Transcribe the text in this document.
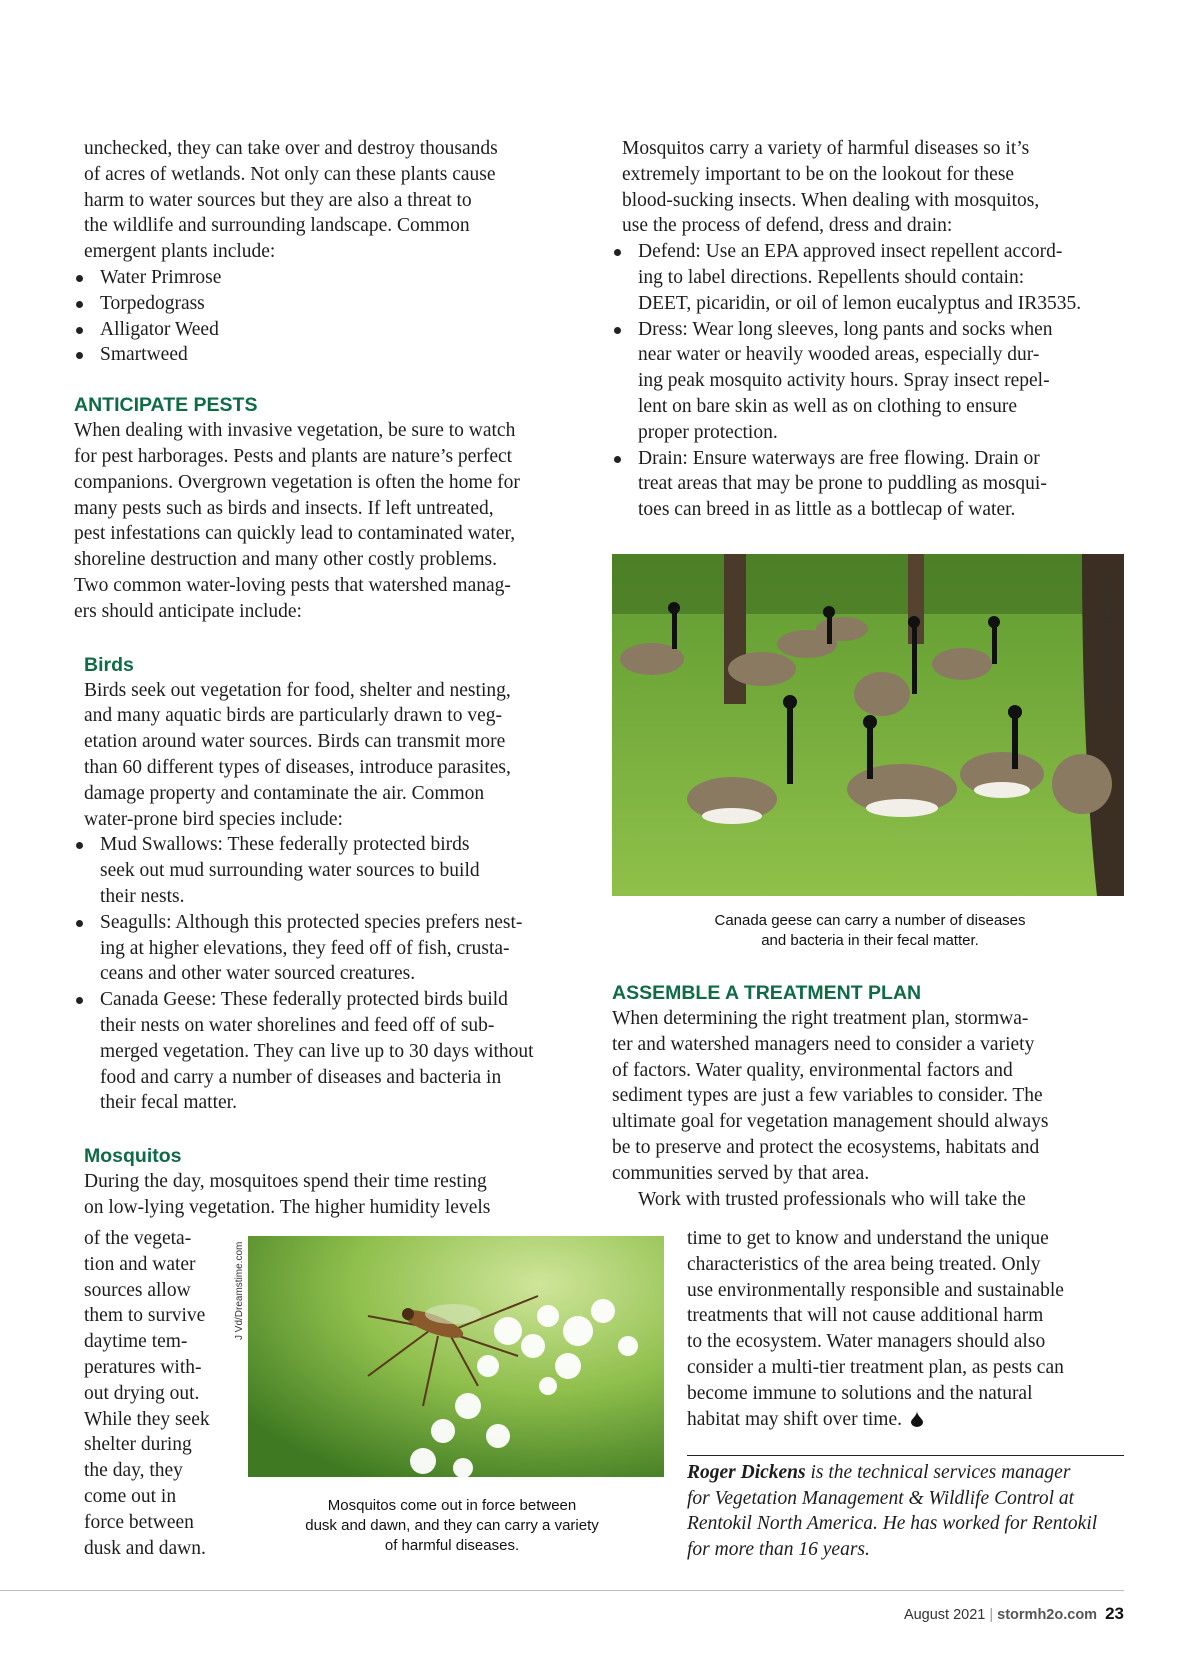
unchecked, they can take over and destroy thousands

of acres of wetlands. Not only can these plants cause

harm to water sources but they are also a threat to

the wildlife and surrounding landscape. Common

emergent plants include:

Water Primrose
Torpedograss
Alligator Weed
Smartweed
ANTICIPATE PESTS

When dealing with invasive vegetation, be sure to watch

for pest harborages. Pests and plants are nature’s perfect

companions. Overgrown vegetation is often the home for

many pests such as birds and insects. If left untreated,

pest infestations can quickly lead to contaminated water,

shoreline destruction and many other costly problems.

Two common water-loving pests that watershed manag-

ers should anticipate include:

Birds

Birds seek out vegetation for food, shelter and nesting,

and many aquatic birds are particularly drawn to veg-

etation around water sources. Birds can transmit more

than 60 different types of diseases, introduce parasites,

damage property and contaminate the air. Common

water-prone bird species include:

Mud Swallows: These federally protected birds

seek out mud surrounding water sources to build

their nests.

Seagulls: Although this protected species prefers nest-

ing at higher elevations, they feed off of fish, crusta-

ceans and other water sourced creatures.

Canada Geese: These federally protected birds build

their nests on water shorelines and feed off of sub-

merged vegetation. They can live up to 30 days without

food and carry a number of diseases and bacteria in

their fecal matter.

Mosquitos

During the day, mosquitoes spend their time resting

on low-lying vegetation. The higher humidity levels

of the vegeta-

tion and water

sources allow

them to survive

daytime tem-

peratures with-

out drying out.

While they seek

shelter during

the day, they

come out in

force between

dusk and dawn.

J Vd/Dreamstime.com
Mosquitos come out in force between
dusk and dawn, and they can carry a variety
of harmful diseases.

Mosquitos carry a variety of harmful diseases so it’s

extremely important to be on the lookout for these

blood-sucking insects. When dealing with mosquitos,

use the process of defend, dress and drain:

Defend: Use an EPA approved insect repellent accord-

ing to label directions. Repellents should contain:

DEET, picaridin, or oil of lemon eucalyptus and IR3535.

Dress: Wear long sleeves, long pants and socks when

near water or heavily wooded areas, especially dur-

ing peak mosquito activity hours. Spray insect repel-

lent on bare skin as well as on clothing to ensure

proper protection.

Drain: Ensure waterways are free flowing. Drain or

treat areas that may be prone to puddling as mosqui-

toes can breed in as little as a bottlecap of water.

David Myers/Dreamstime.com
Canada geese can carry a number of diseases
and bacteria in their fecal matter.
ASSEMBLE A TREATMENT PLAN

When determining the right treatment plan, stormwa-

ter and watershed managers need to consider a variety

of factors. Water quality, environmental factors and

sediment types are just a few variables to consider. The

ultimate goal for vegetation management should always

be to preserve and protect the ecosystems, habitats and

communities served by that area.

Work with trusted professionals who will take the

time to get to know and understand the unique

characteristics of the area being treated. Only

use environmentally responsible and sustainable

treatments that will not cause additional harm

to the ecosystem. Water managers should also

consider a multi-tier treatment plan, as pests can

become immune to solutions and the natural

habitat may shift over time.

Roger Dickens is the technical services manager

for Vegetation Management & Wildlife Control at

Rentokil North America. He has worked for Rentokil

for more than 16 years.

August 2021 | stormh2o.com 23
